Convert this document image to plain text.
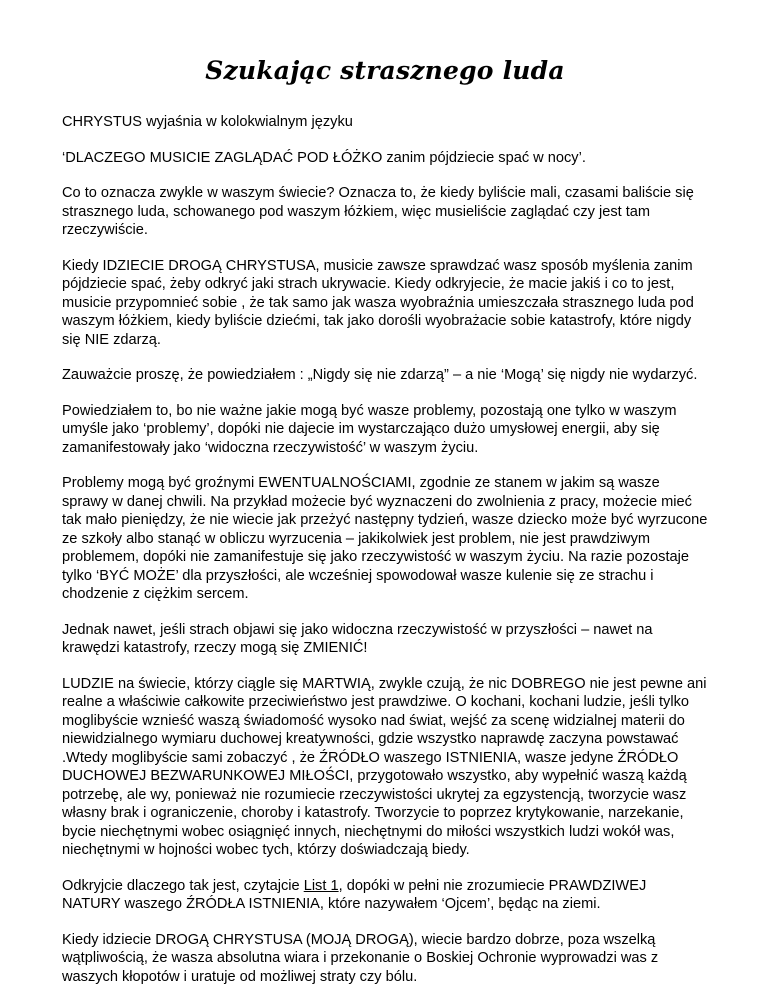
Szukając strasznego luda

CHRYSTUS wyjaśnia w kolokwialnym języku

‘DLACZEGO MUSICIE ZAGLĄDAĆ POD ŁÓŻKO zanim pójdziecie spać w nocy’.

Co to oznacza zwykle w waszym świecie? Oznacza to, że kiedy byliście mali, czasami baliście się strasznego luda, schowanego pod waszym łóżkiem, więc musieliście zaglądać czy jest tam rzeczywiście.

Kiedy IDZIECIE DROGĄ CHRYSTUSA, musicie zawsze sprawdzać wasz sposób myślenia zanim pójdziecie spać, żeby odkryć jaki strach ukrywacie. Kiedy odkryjecie, że macie jakiś i co to jest, musicie przypomnieć sobie , że tak samo jak wasza wyobraźnia umieszczała strasznego luda pod waszym łóżkiem, kiedy byliście dziećmi, tak jako dorośli wyobrażacie sobie katastrofy, które nigdy się NIE zdarzą.

Zauważcie proszę, że powiedziałem : „Nigdy się nie zdarzą” – a nie ‘Mogą’ się nigdy nie wydarzyć.

Powiedziałem to, bo nie ważne jakie mogą być wasze problemy, pozostają one tylko w waszym umyśle jako ‘problemy’, dopóki nie dajecie im wystarczająco dużo umysłowej energii, aby się zamanifestowały jako ‘widoczna rzeczywistość’ w waszym życiu.

Problemy mogą być groźnymi EWENTUALNOŚCIAMI, zgodnie ze stanem w jakim są wasze sprawy w danej chwili. Na przykład możecie być wyznaczeni do zwolnienia z pracy, możecie mieć tak mało pieniędzy, że nie wiecie jak przeżyć następny tydzień, wasze dziecko może być wyrzucone ze szkoły albo stanąć w obliczu wyrzucenia – jakikolwiek jest problem, nie jest prawdziwym problemem, dopóki nie zamanifestuje się jako rzeczywistość w waszym życiu. Na razie pozostaje tylko ‘BYĆ MOŻE’ dla przyszłości, ale wcześniej spowodował wasze kulenie się ze strachu i chodzenie z ciężkim sercem.

Jednak nawet, jeśli strach objawi się jako widoczna rzeczywistość w przyszłości – nawet na krawędzi katastrofy, rzeczy mogą się ZMIENIĆ!

LUDZIE na świecie, którzy ciągle się MARTWIĄ, zwykle czują, że nic DOBREGO nie jest pewne ani realne a właściwie całkowite przeciwieństwo jest prawdziwe. O kochani, kochani ludzie, jeśli tylko moglibyście wznieść waszą świadomość wysoko nad świat, wejść za scenę widzialnej materii do niewidzialnego wymiaru duchowej kreatywności, gdzie wszystko naprawdę zaczyna powstawać .Wtedy moglibyście sami zobaczyć , że ŹRÓDŁO waszego ISTNIENIA, wasze jedyne ŹRÓDŁO DUCHOWEJ BEZWARUNKOWEJ MIŁOŚCI, przygotowało wszystko, aby wypełnić waszą każdą potrzebę, ale wy, ponieważ nie rozumiecie rzeczywistości ukrytej za egzystencją, tworzycie wasz własny brak i ograniczenie, choroby i katastrofy. Tworzycie to poprzez krytykowanie, narzekanie, bycie niechętnymi wobec osiągnięć innych, niechętnymi do miłości wszystkich ludzi wokół was, niechętnymi w hojności wobec tych, którzy doświadczają biedy.

Odkryjcie dlaczego tak jest, czytajcie List 1, dopóki w pełni nie zrozumiecie PRAWDZIWEJ NATURY waszego ŹRÓDŁA ISTNIENIA, które nazywałem ‘Ojcem’, będąc na ziemi.

Kiedy idziecie DROGĄ CHRYSTUSA (MOJĄ DROGĄ), wiecie bardzo dobrze, poza wszelką wątpliwością, że wasza absolutna wiara i przekonanie o Boskiej Ochronie wyprowadzi was z waszych kłopotów i uratuje od możliwej straty czy bólu.
